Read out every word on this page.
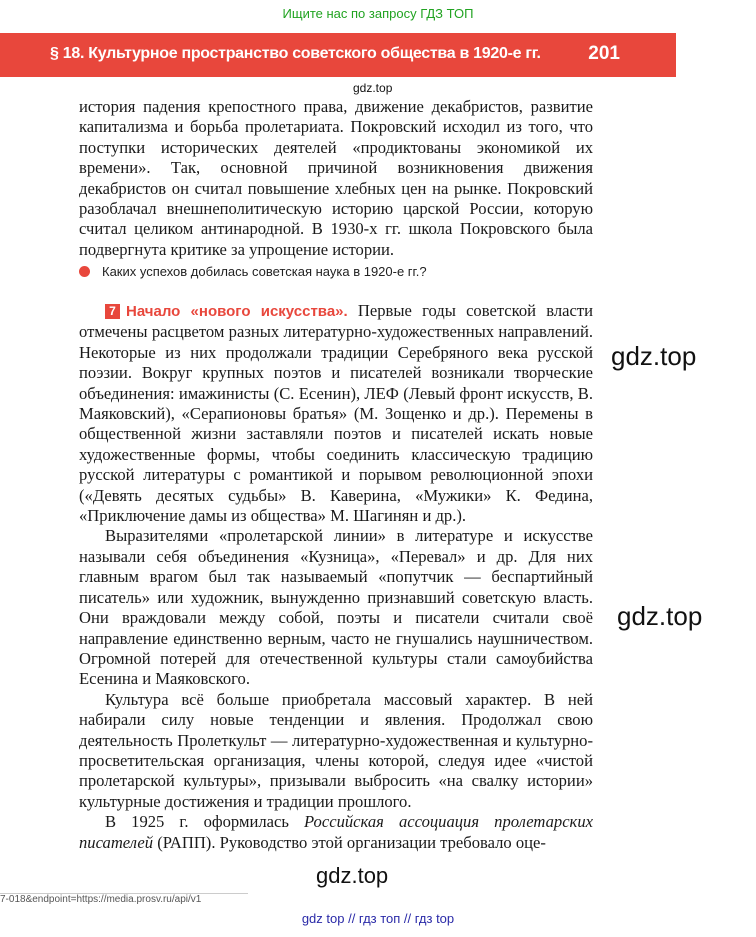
Ищите нас по запросу ГДЗ ТОП
§ 18. Культурное пространство советского общества в 1920-е гг.	201
gdz.top

история падения крепостного права, движение декабристов, развитие капитализма и борьба пролетариата. Покровский исходил из того, что поступки исторических деятелей «продиктованы экономикой их времени». Так, основной причиной возникновения движения декабристов он считал повышение хлебных цен на рынке. Покровский разоблачал внешнеполитическую историю царской России, которую считал целиком антинародной. В 1930-х гг. школа Покровского была подвергнута критике за упрощение истории.

Каких успехов добилась советская наука в 1920-е гг.?

7 Начало «нового искусства». Первые годы советской власти отмечены расцветом разных литературно-художественных направлений. Некоторые из них продолжали традиции Серебряного века русской поэзии. Вокруг крупных поэтов и писателей возникали творческие объединения: имажинисты (С. Есенин), ЛЕФ (Левый фронт искусств, В. Маяковский), «Серапионовы братья» (М. Зощенко и др.). Перемены в общественной жизни заставляли поэтов и писателей искать новые художественные формы, чтобы соединить классическую традицию русской литературы с романтикой и порывом революционной эпохи («Девять десятых судьбы» В. Каверина, «Мужики» К. Федина, «Приключение дамы из общества» М. Шагинян и др.).

Выразителями «пролетарской линии» в литературе и искусстве называли себя объединения «Кузница», «Перевал» и др. Для них главным врагом был так называемый «попутчик — беспартийный писатель» или художник, вынужденно признавший советскую власть. Они враждовали между собой, поэты и писатели считали своё направление единственно верным, часто не гнушались наушничеством. Огромной потерей для отечественной культуры стали самоубийства Есенина и Маяковского.

Культура всё больше приобретала массовый характер. В ней набирали силу новые тенденции и явления. Продолжал свою деятельность Пролеткульт — литературно-художественная и культурно-просветительская организация, члены которой, следуя идее «чистой пролетарской культуры», призывали выбросить «на свалку истории» культурные достижения и традиции прошлого.

В 1925 г. оформилась Российская ассоциация пролетарских писателей (РАПП). Руководство этой организации требовало оце-

gdz.top
gdz.top
gdz.top
7-018&endpoint=https://media.prosv.ru/api/v1
gdz top // гдз топ // гдз top
